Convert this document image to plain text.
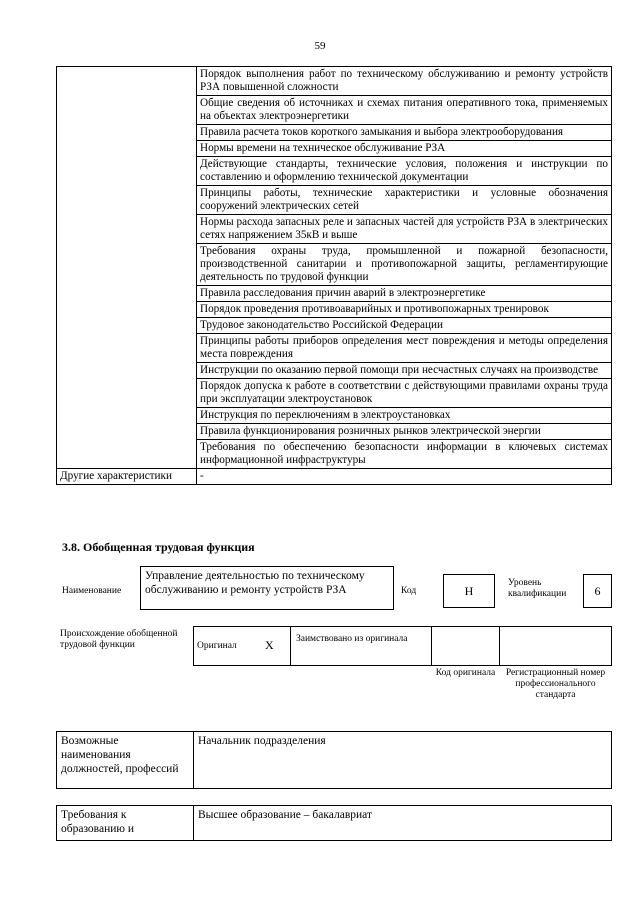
59
	Порядок выполнения работ по техническому обслуживанию и ремонту устройств РЗА повышенной сложности
	Общие сведения об источниках и схемах питания оперативного тока, применяемых на объектах электроэнергетики
	Правила расчета токов короткого замыкания и выбора электрооборудования
	Нормы времени на техническое обслуживание РЗА
	Действующие стандарты, технические условия, положения и инструкции по составлению и оформлению технической документации
	Принципы работы, технические характеристики и условные обозначения сооружений электрических сетей
	Нормы расхода запасных реле и запасных частей для устройств РЗА в электрических сетях напряжением 35кВ и выше
	Требования охраны труда, промышленной и пожарной безопасности, производственной санитарии и противопожарной защиты, регламентирующие деятельность по трудовой функции
	Правила расследования причин аварий в электроэнергетике
	Порядок проведения противоаварийных и противопожарных тренировок
	Трудовое законодательство Российской Федерации
	Принципы работы приборов определения мест повреждения и методы определения места повреждения
	Инструкции по оказанию первой помощи при несчастных случаях на производстве
	Порядок допуска к работе в соответствии с действующими правилами охраны труда при эксплуатации электроустановок
	Инструкция по переключениям в электроустановках
	Правила функционирования розничных рынков электрической энергии
	Требования по обеспечению безопасности информации в ключевых системах информационной инфраструктуры
Другие характеристики	-
3.8. Обобщенная трудовая функция
Наименование
Управление деятельностью по техническому обслуживанию и ремонту устройств РЗА	Код	H
Уровень квалификации	6
Происхождение обобщенной трудовой функции	Оригинал X Заимствовано из оригинала
Код оригинала	Регистрационный номер профессионального стандарта
Возможные наименования должностей, профессий	Начальник подразделения
Требования к образованию и	Высшее образование – бакалавриат
